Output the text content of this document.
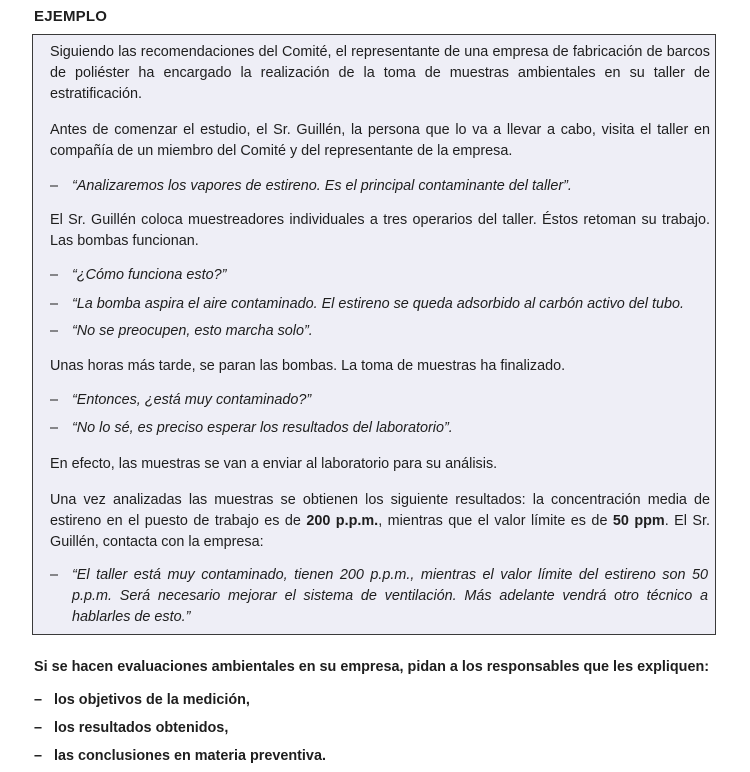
EJEMPLO
Siguiendo las recomendaciones del Comité, el representante de una empresa de fabricación de barcos de poliéster ha encargado la realización de la toma de muestras ambientales en su taller de estratificación.
Antes de comenzar el estudio, el Sr. Guillén, la persona que lo va a llevar a cabo, visita el taller en compañía de un miembro del Comité y del representante de la empresa.
– “Analizaremos los vapores de estireno. Es el principal contaminante del taller”.
El Sr. Guillén coloca muestreadores individuales a tres operarios del taller. Éstos retoman su trabajo. Las bombas funcionan.
– “¿Cómo funciona esto?”
– “La bomba aspira el aire contaminado. El estireno se queda adsorbido al carbón activo del tubo.
– “No se preocupen, esto marcha solo”.
Unas horas más tarde, se paran las bombas. La toma de muestras ha finalizado.
– “Entonces, ¿está muy contaminado?”
– “No lo sé, es preciso esperar los resultados del laboratorio”.
En efecto, las muestras se van a enviar al laboratorio para su análisis.
Una vez analizadas las muestras se obtienen los siguiente resultados: la concentración media de estireno en el puesto de trabajo es de 200 p.p.m., mientras que el valor límite es de 50 ppm. El Sr. Guillén, contacta con la empresa:
– “El taller está muy contaminado, tienen 200 p.p.m., mientras el valor límite del estireno son 50 p.p.m. Será necesario mejorar el sistema de ventilación. Más adelante vendrá otro técnico a hablarles de esto.”
Si se hacen evaluaciones ambientales en su empresa, pidan a los responsables que les expliquen:
– los objetivos de la medición,
– los resultados obtenidos,
– las conclusiones en materia preventiva.
